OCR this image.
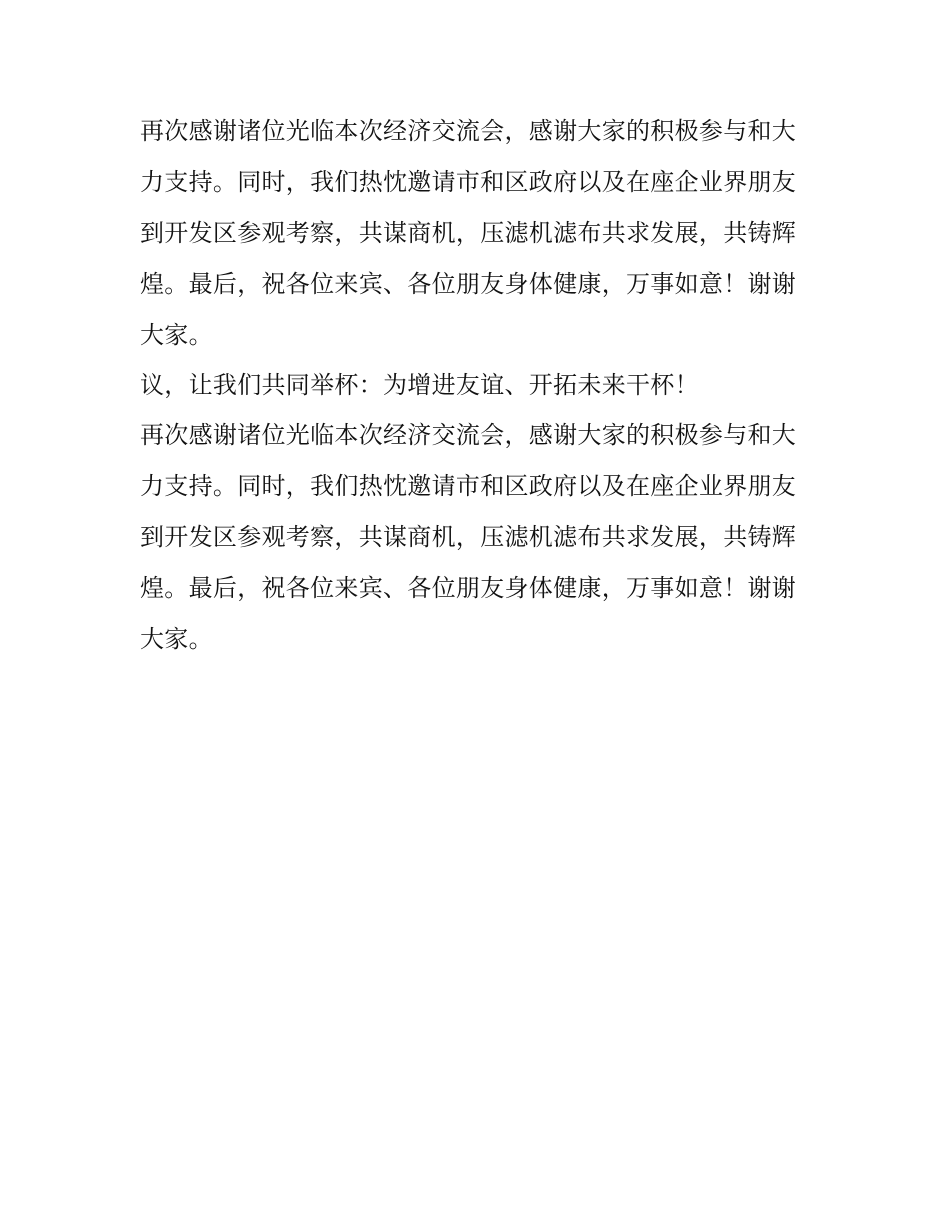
再次感谢诸位光临本次经济交流会，感谢大家的积极参与和大
力支持。同时，我们热忱邀请市和区政府以及在座企业界朋友
到开发区参观考察，共谋商机，压滤机滤布共求发展，共铸辉
煌。最后，祝各位来宾、各位朋友身体健康，万事如意！谢谢
大家。
议，让我们共同举杯：为增进友谊、开拓未来干杯！
再次感谢诸位光临本次经济交流会，感谢大家的积极参与和大
力支持。同时，我们热忱邀请市和区政府以及在座企业界朋友
到开发区参观考察，共谋商机，压滤机滤布共求发展，共铸辉
煌。最后，祝各位来宾、各位朋友身体健康，万事如意！谢谢
大家。
